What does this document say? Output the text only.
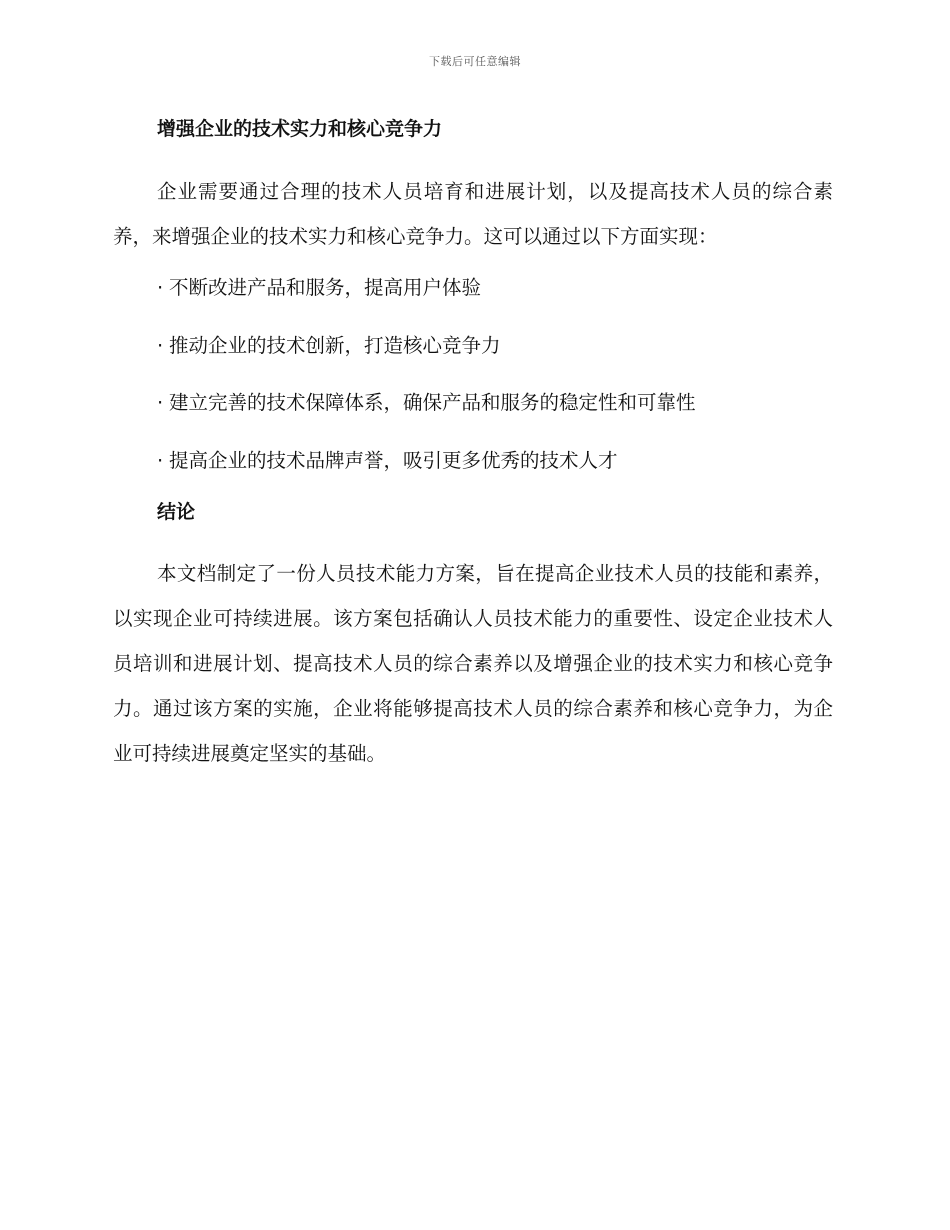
下载后可任意编辑
增强企业的技术实力和核心竞争力

企业需要通过合理的技术人员培育和进展计划，以及提高技术人员的综合素养，来增强企业的技术实力和核心竞争力。这可以通过以下方面实现：

· 不断改进产品和服务，提高用户体验
· 推动企业的技术创新，打造核心竞争力
· 建立完善的技术保障体系，确保产品和服务的稳定性和可靠性
· 提高企业的技术品牌声誉，吸引更多优秀的技术人才
结论

本文档制定了一份人员技术能力方案，旨在提高企业技术人员的技能和素养，以实现企业可持续进展。该方案包括确认人员技术能力的重要性、设定企业技术人员培训和进展计划、提高技术人员的综合素养以及增强企业的技术实力和核心竞争力。通过该方案的实施，企业将能够提高技术人员的综合素养和核心竞争力，为企业可持续进展奠定坚实的基础。
